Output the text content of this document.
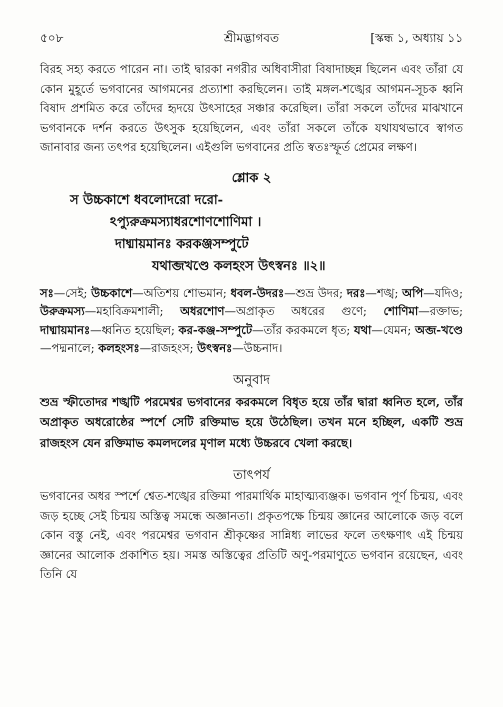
৫০৮	শ্রীমদ্ভাগবত	[স্কন্ধ ১, অধ্যায় ১১

বিরহ সহ্য করতে পারেন না। তাই দ্বারকা নগরীর অধিবাসীরা বিষাদাচ্ছন্ন ছিলেন এবং তাঁরা যে কোন মুহূর্তে ভগবানের আগমনের প্রত্যাশা করছিলেন। তাই মঙ্গল-শঙ্খের আগমন-সূচক ধ্বনি বিষাদ প্রশমিত করে তাঁদের হৃদয়ে উৎসাহের সঞ্চার করেছিল। তাঁরা সকলে তাঁদের মাঝখানে ভগবানকে দর্শন করতে উৎসুক হয়েছিলেন, এবং তাঁরা সকলে তাঁকে যথাযথভাবে স্বাগত জানাবার জন্য তৎপর হয়েছিলেন। এইগুলি ভগবানের প্রতি স্বতঃস্ফূর্ত প্রেমের লক্ষণ।

শ্লোক ২
স উচ্চকাশে ধবলোদরো দরো-
ঽপ্যুরুক্রমস্যাধরশোণশোণিমা ।
দাধ্মায়মানঃ করকঞ্জসম্পুটে
যথাব্জখণ্ডে কলহংস উৎস্বনঃ ॥২॥

সঃ—সেই; উচ্চকাশে—অতিশয় শোভমান; ধবল-উদরঃ—শুভ্র উদর; দরঃ—শঙ্খ; অপি—যদিও; উরুক্রমস্য—মহাবিক্রমশালী; অধরশোণ—অপ্রাকৃত অধরের গুণে; শোণিমা—রক্তাভ; দাধ্মায়মানঃ—ধ্বনিত হয়েছিল; কর-কঞ্জ-সম্পুটে—তাঁর করকমলে ধৃত; যথা—যেমন; অব্জ-খণ্ডে—পদ্মনালে; কলহংসঃ—রাজহংস; উৎস্বনঃ—উচ্চনাদ।

অনুবাদ

শুভ্র স্ফীতোদর শঙ্খটি পরমেশ্বর ভগবানের করকমলে বিধৃত হয়ে তাঁর দ্বারা ধ্বনিত হলে, তাঁর অপ্রাকৃত অধরোষ্ঠের স্পর্শে সেটি রক্তিমাভ হয়ে উঠেছিল। তখন মনে হচ্ছিল, একটি শুভ্র রাজহংস যেন রক্তিমাভ কমলদলের মৃণাল মধ্যে উচ্চরবে খেলা করছে।

তাৎপর্য

ভগবানের অধর স্পর্শে শ্বেত-শঙ্খের রক্তিমা পারমার্থিক মাহাত্ম্যব্যঞ্জক। ভগবান পূর্ণ চিন্ময়, এবং জড় হচ্ছে সেই চিন্ময় অস্তিত্ব সমন্ধে অজ্ঞানতা। প্রকৃতপক্ষে চিন্ময় জ্ঞানের আলোকে জড় বলে কোন বস্তু নেই, এবং পরমেশ্বর ভগবান শ্রীকৃষ্ণের সান্নিধ্য লাভের ফলে তৎক্ষণাৎ এই চিন্ময় জ্ঞানের আলোক প্রকাশিত হয়। সমস্ত অস্তিত্বের প্রতিটি অণু-পরমাণুতে ভগবান রয়েছেন, এবং তিনি যে
